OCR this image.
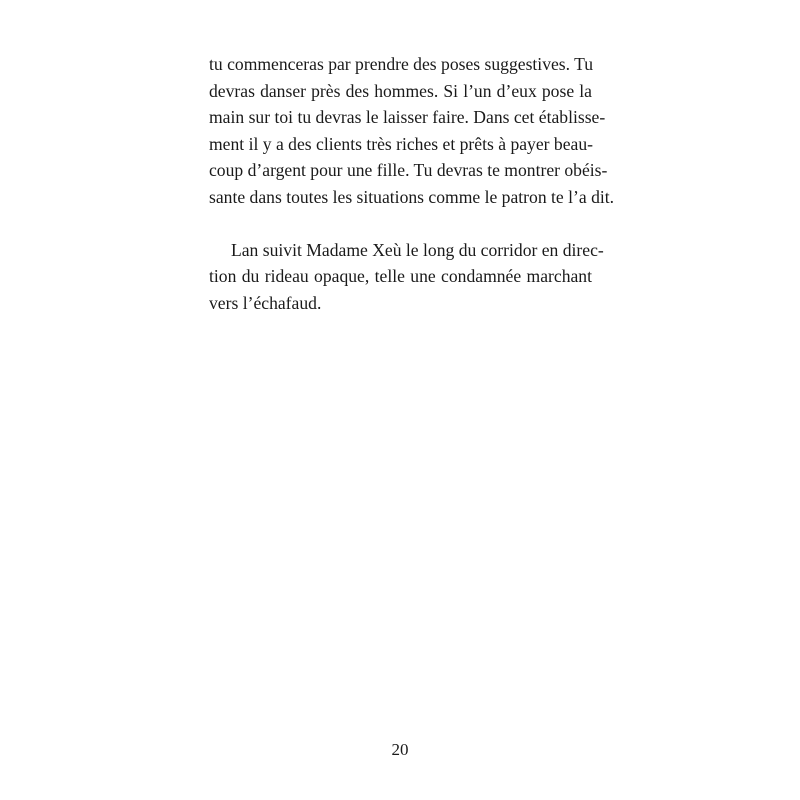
tu commenceras par prendre des poses suggestives. Tu
devras danser près des hommes. Si l’un d’eux pose la
main sur toi tu devras le laisser faire. Dans cet établisse-
ment il y a des clients très riches et prêts à payer beau-
coup d’argent pour une fille. Tu devras te montrer obéis-
sante dans toutes les situations comme le patron te l’a dit.
Lan suivit Madame Xeù le long du corridor en direc-
tion du rideau opaque, telle une condamnée marchant
vers l’échafaud.
20
